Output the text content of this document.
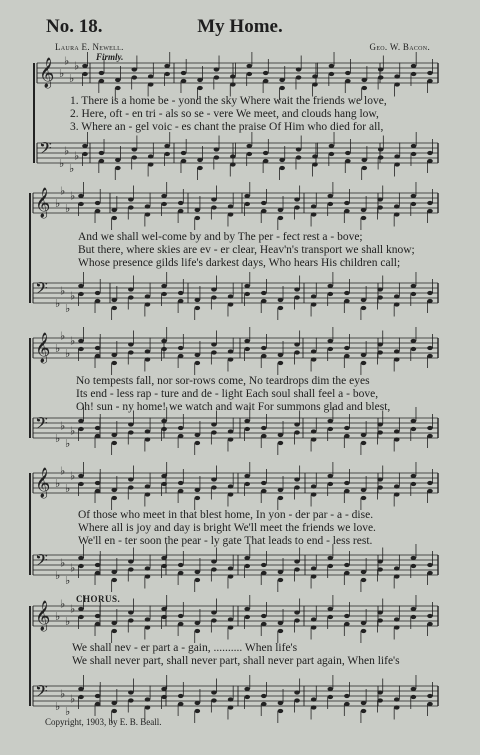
𝄞 ♭
♭
♭
♭
𝄢
♭
♭
♭
♭
𝄞 ♭
♭
♭
♭
𝄢
♭
♭
♭
♭
𝄞 ♭
♭
♭
♭
𝄢
♭
♭
♭
♭
𝄞 ♭
♭
♭
♭
𝄢
♭
♭
♭
♭
𝄞 ♭
♭
♭
♭
𝄢
♭
♭
♭
♭
No. 18.	My Home.
Laura E. Newell.	Geo. W. Bacon.
Firmly.
CHORUS.
1. There is a home be - yond the sky Where wait the friends we love,
2. Here, oft - en tri - als so se - vere We meet, and clouds hang low,
3. Where an - gel voic - es chant the praise Of Him who died for all,
And we shall wel-come by and by The per - fect rest a - bove;
But there, where skies are ev - er clear, Heav'n's transport we shall know;
Whose presence gilds life's darkest days, Who hears His children call;
No tempests fall, nor sor-rows come, No teardrops dim the eyes
Its end - less rap - ture and de - light Each soul shall feel a - bove,
Oh! sun - ny home! we watch and wait For summons glad and blest,
Of those who meet in that blest home, In yon - der par - a - dise.
Where all is joy and day is bright We'll meet the friends we love.
We'll en - ter soon the pear - ly gate That leads to end - less rest.
We shall nev - er part a - gain, .......... When life's
We shall never part, shall never part, shall never part again, When life's
Copyright, 1903, by E. B. Beall.
